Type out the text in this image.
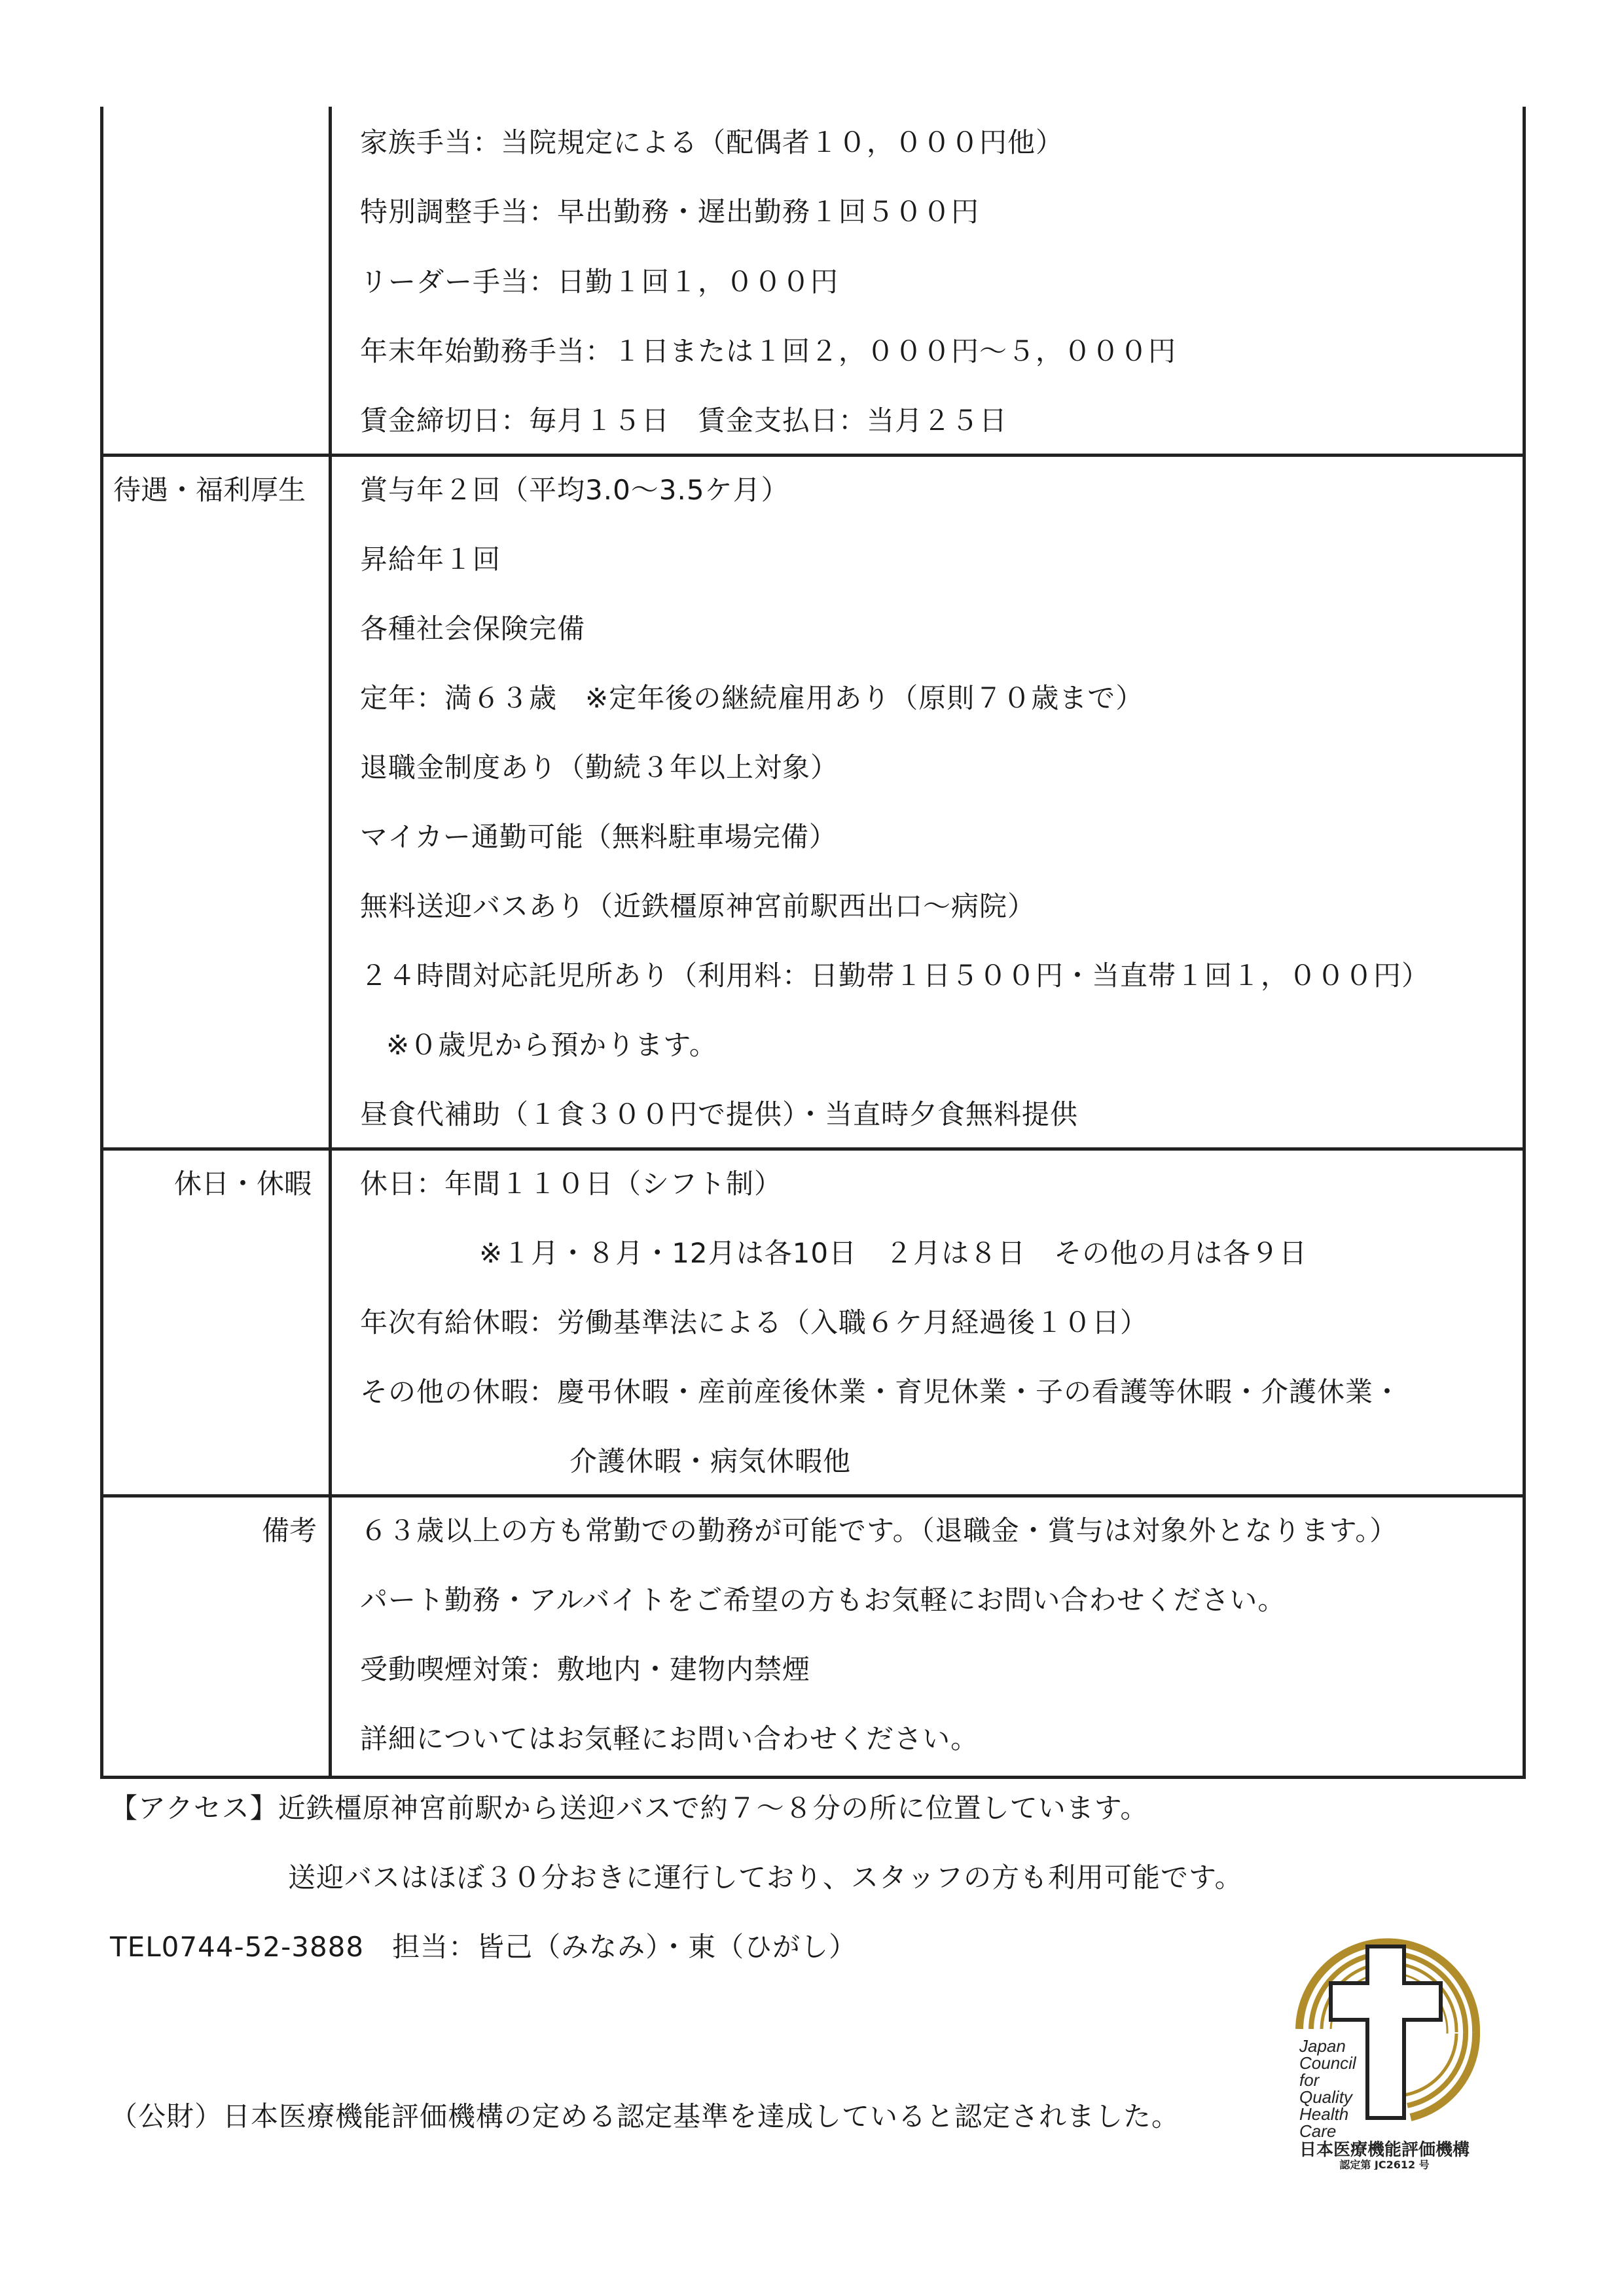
家族手当：当院規定による（配偶者１０，０００円他）
特別調整手当：早出勤務・遅出勤務１回５００円
リーダー手当：日勤１回１，０００円
年末年始勤務手当：１日または１回２，０００円〜５，０００円
賃金締切日：毎月１５日　賃金支払日：当月２５日
待遇・福利厚生 賞与年２回（平均3.0〜3.5ケ月）
昇給年１回
各種社会保険完備
定年：満６３歳　※定年後の継続雇用あり（原則７０歳まで）
退職金制度あり（勤続３年以上対象）
マイカー通勤可能（無料駐車場完備）
無料送迎バスあり（近鉄橿原神宮前駅西出口〜病院）
２４時間対応託児所あり（利用料：日勤帯１日５００円・当直帯１回１，０００円）
※０歳児から預かります。
昼食代補助（１食３００円で提供）・当直時夕食無料提供
休日・休暇 休日：年間１１０日（シフト制）
※１月・８月・12月は各10日　２月は８日　その他の月は各９日
年次有給休暇：労働基準法による（入職６ケ月経過後１０日）
その他の休暇：慶弔休暇・産前産後休業・育児休業・子の看護等休暇・介護休業・
介護休暇・病気休暇他
備考 ６３歳以上の方も常勤での勤務が可能です。（退職金・賞与は対象外となります。）
パート勤務・アルバイトをご希望の方もお気軽にお問い合わせください。
受動喫煙対策：敷地内・建物内禁煙
詳細についてはお気軽にお問い合わせください。
【アクセス】近鉄橿原神宮前駅から送迎バスで約７〜８分の所に位置しています。
送迎バスはほぼ３０分おきに運行しており、スタッフの方も利用可能です。
TEL0744-52-3888　担当：皆己（みなみ）・東（ひがし）
（公財）日本医療機能評価機構の定める認定基準を達成していると認定されました。
Japan
Council
for
Quality
Health
Care
日本医療機能評価機構
認定第 JC2612 号
